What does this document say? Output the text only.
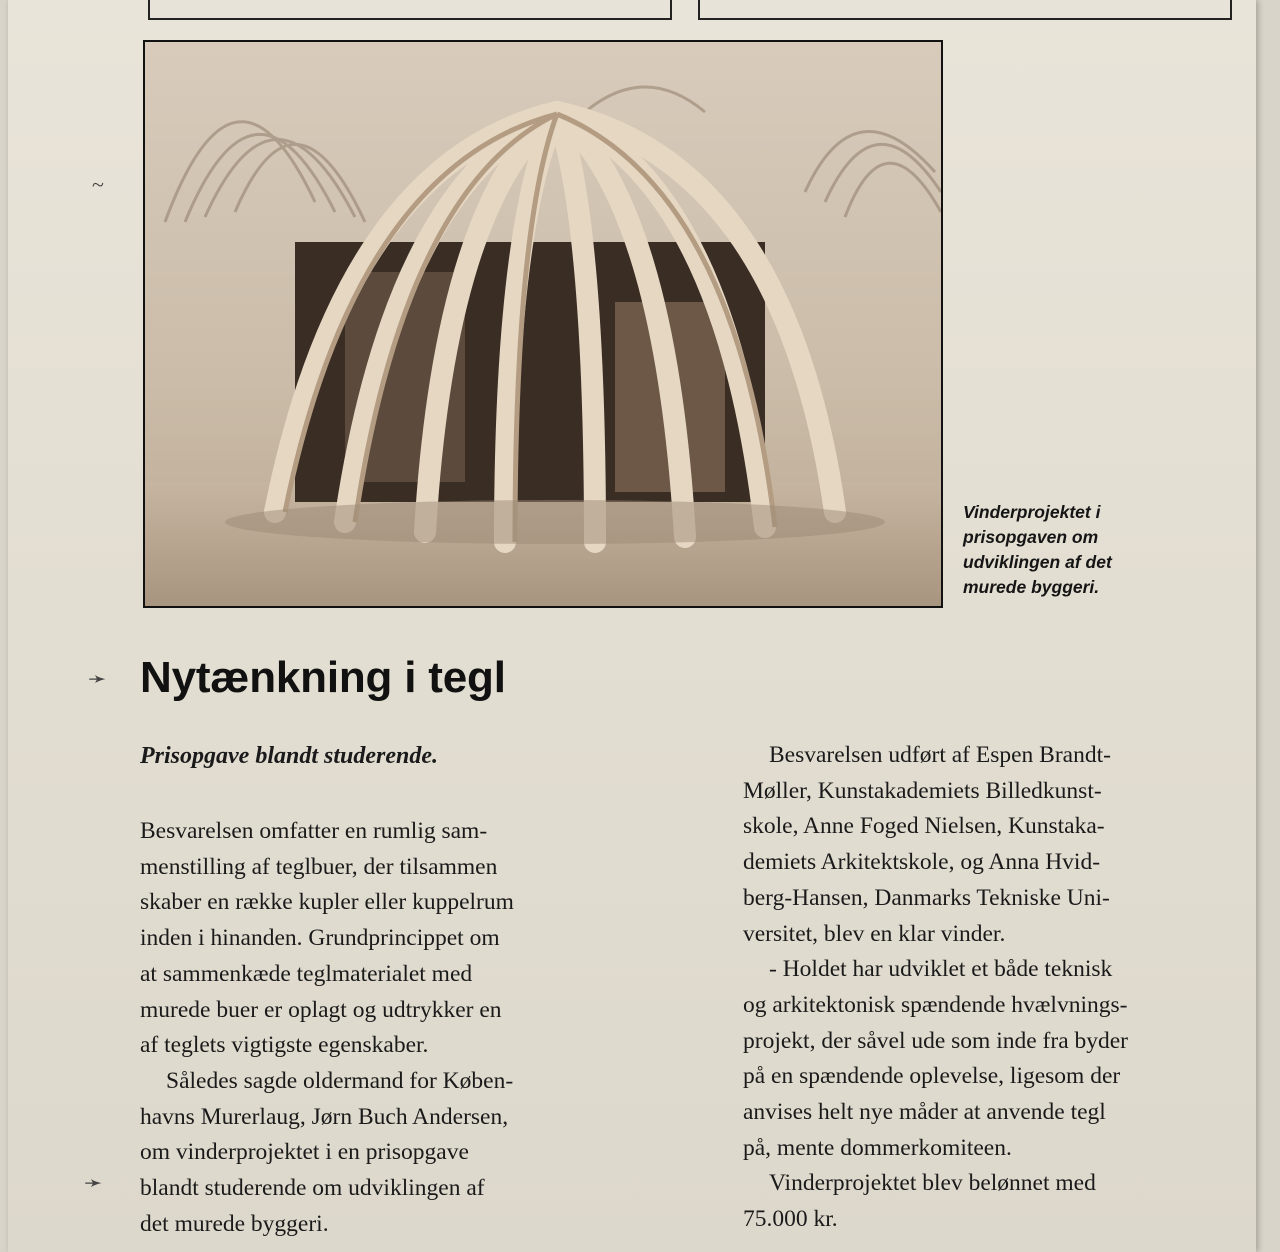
Vinderprojektet i
prisopgaven om
udviklingen af det
murede byggeri.

➛ Nytænkning i tegl

Prisopgave blandt studerende.

Besvarelsen omfatter en rumlig sam-
menstilling af teglbuer, der tilsammen
skaber en række kupler eller kuppelrum
inden i hinanden. Grundprincippet om
at sammenkæde teglmaterialet med
murede buer er oplagt og udtrykker en
af teglets vigtigste egenskaber.

Således sagde oldermand for Køben-
havns Murerlaug, Jørn Buch Andersen,
om vinderprojektet i en prisopgave
blandt studerende om udviklingen af
det murede byggeri.

Besvarelsen udført af Espen Brandt-
Møller, Kunstakademiets Billedkunst-
skole, Anne Foged Nielsen, Kunstaka-
demiets Arkitektskole, og Anna Hvid-
berg-Hansen, Danmarks Tekniske Uni-
versitet, blev en klar vinder.

- Holdet har udviklet et både teknisk
og arkitektonisk spændende hvælvnings-
projekt, der såvel ude som inde fra byder
på en spændende oplevelse, ligesom der
anvises helt nye måder at anvende tegl
på, mente dommerkomiteen.

Vinderprojektet blev belønnet med
75.000 kr.

➛
~
